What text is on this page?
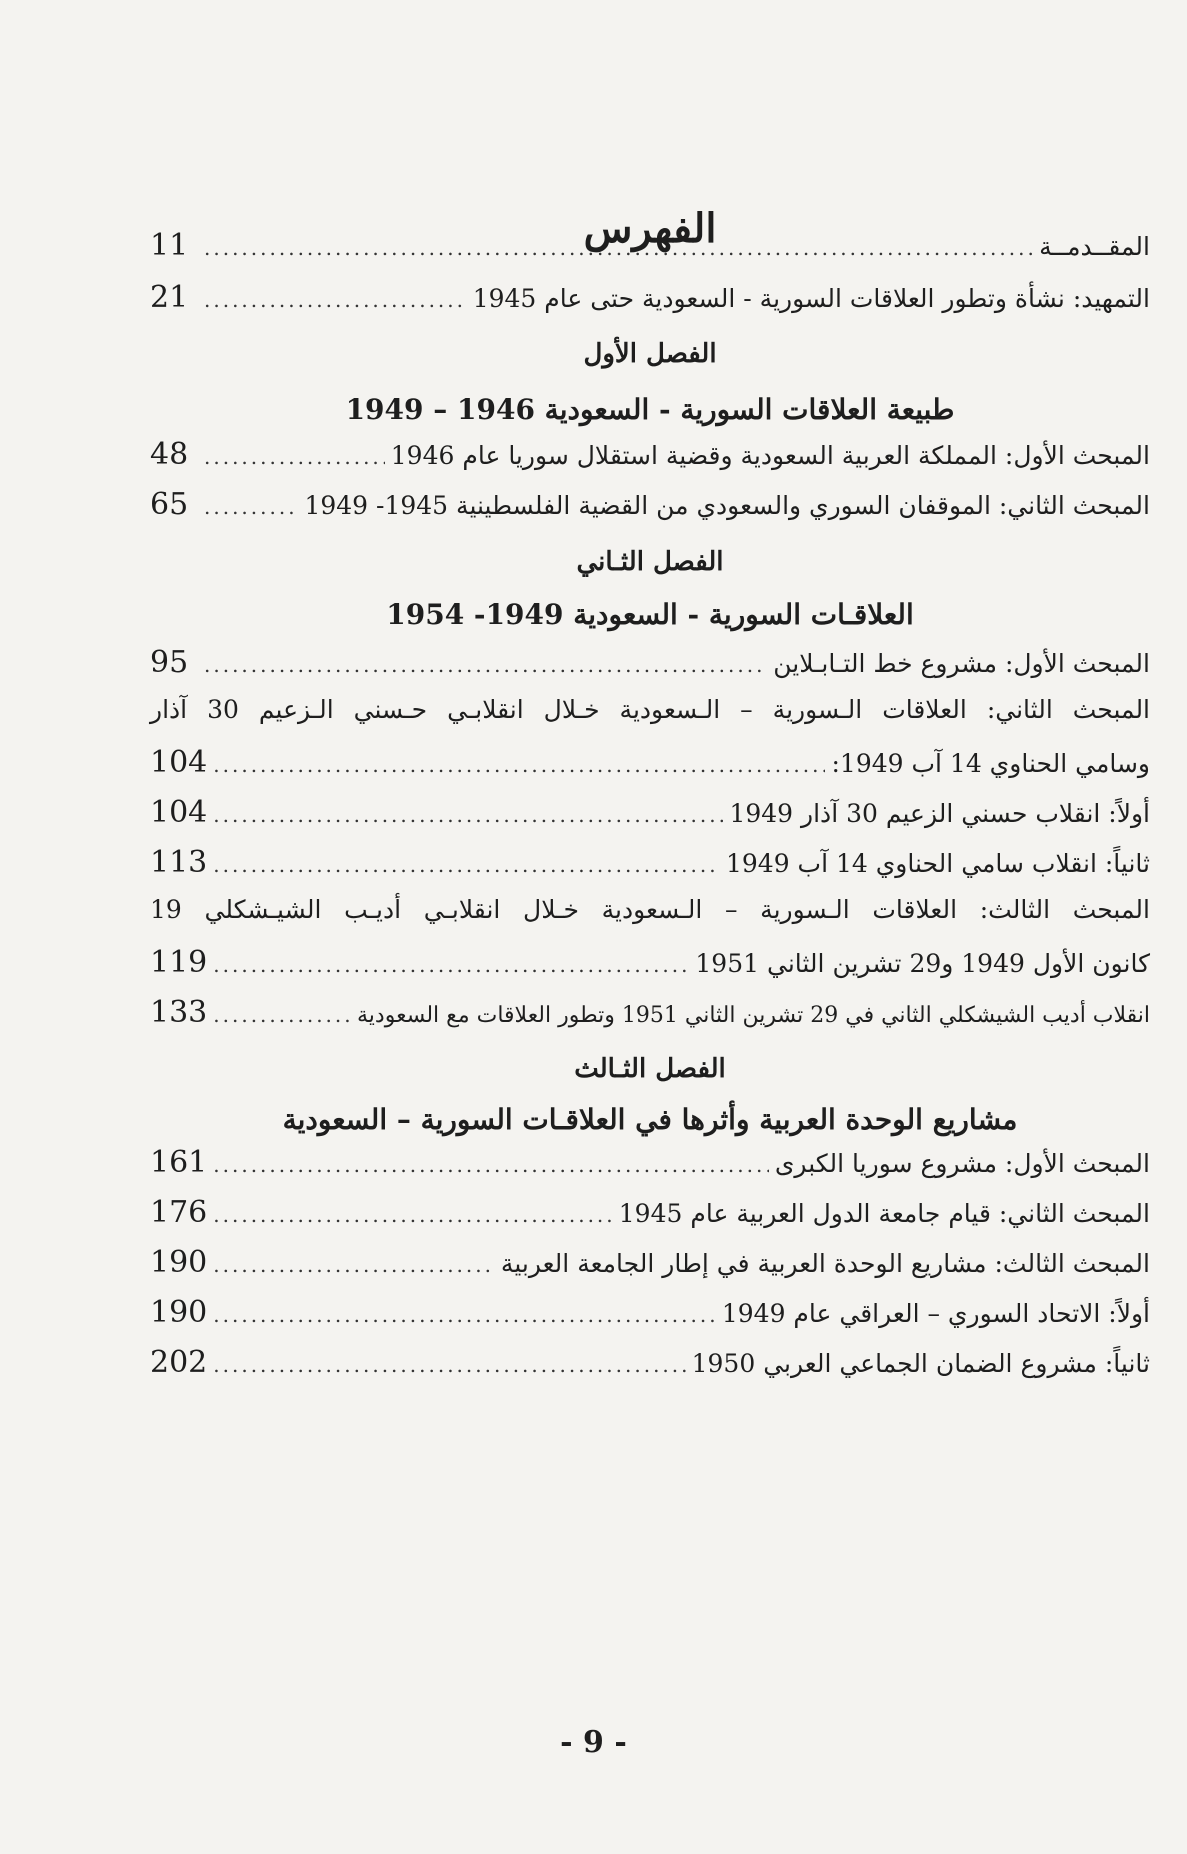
الفهرس	المقــدمــة
.....
11
التمهيد: نشأة وتطور العلاقات السورية - السعودية حتى عام 1945
.....
21
الفصل الأول
طبيعة العلاقات السورية - السعودية 1946 – 1949
المبحث الأول: المملكة العربية السعودية وقضية استقلال سوريا عام 1946
.....
48
المبحث الثاني: الموقفان السوري والسعودي من القضية الفلسطينية 1945- 1949
.....
65
الفصل الثـاني
العلاقـات السورية - السعودية 1949- 1954
المبحث الأول: مشروع خط التـابـلاين
.....
95
المبحث الثاني: العلاقات الـسورية – الـسعودية خـلال انقلابـي حـسني الـزعيم 30 آذار
وسامي الحناوي 14 آب 1949:
.....
104
أولاً: انقلاب حسني الزعيم 30 آذار 1949
.....
104
ثانياً: انقلاب سامي الحناوي 14 آب 1949
.....
113
المبحث الثالث: العلاقات الـسورية – الـسعودية خـلال انقلابـي أديـب الشيـشكلي 19
كانون الأول 1949 و29 تشرين الثاني 1951
.....
119
انقلاب أديب الشيشكلي الثاني في 29 تشرين الثاني 1951 وتطور العلاقات مع السعودية
.....
133
الفصل الثـالث
مشاريع الوحدة العربية وأثرها في العلاقـات السورية – السعودية
المبحث الأول: مشروع سوريا الكبرى
.....
161
المبحث الثاني: قيام جامعة الدول العربية عام 1945
.....
176
المبحث الثالث: مشاريع الوحدة العربية في إطار الجامعة العربية
.....
190
أولاً: الاتحاد السوري – العراقي عام 1949
.....
190
ثانياً: مشروع الضمان الجماعي العربي 1950
.....
202
- 9 -
